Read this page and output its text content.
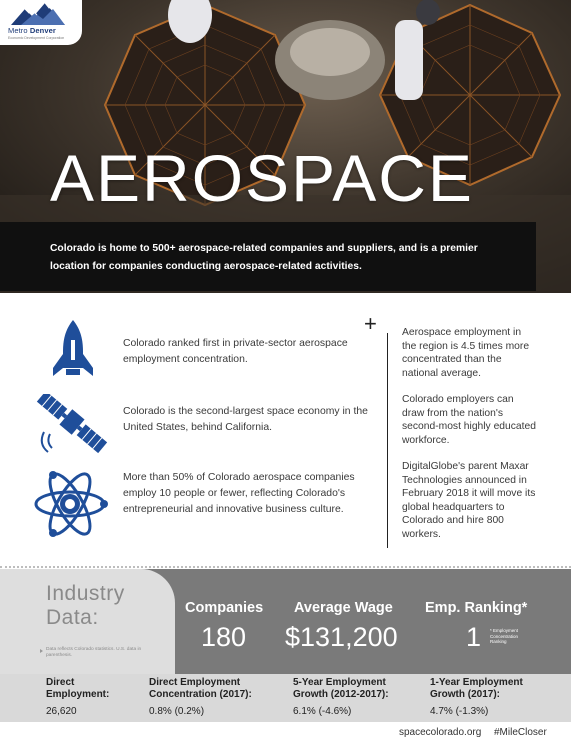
Metro Denver
Economic Development Corporation
AEROSPACE
Colorado is home to 500+ aerospace-related companies and suppliers, and is a premier location for companies conducting aerospace-related activities.
Colorado ranked first in private-sector aerospace employment concentration.
Colorado is the second-largest space economy in the United States, behind California.
More than 50% of Colorado aerospace companies employ 10 people or fewer, reflecting Colorado's entrepreneurial and innovative business culture.
+ Aerospace employment in the region is 4.5 times more concentrated than the national average.
Colorado employers can draw from the nation's second-most highly educated workforce.
DigitalGlobe's parent Maxar Technologies announced in February 2018 it will move its global headquarters to Colorado and hire 800 workers.
Industry
Data:
Data reflects Colorado statistics. U.S. data in parenthesis.
Companies
180
Average Wage
$131,200
Emp. Ranking*
1 * Employment Concentration Ranking
Direct Employment:
26,620
Direct Employment Concentration (2017):
0.8% (0.2%)
5-Year Employment Growth (2012-2017):
6.1% (-4.6%)
1-Year Employment Growth (2017):
4.7% (-1.3%)
spacecolorado.org #MileCloser
